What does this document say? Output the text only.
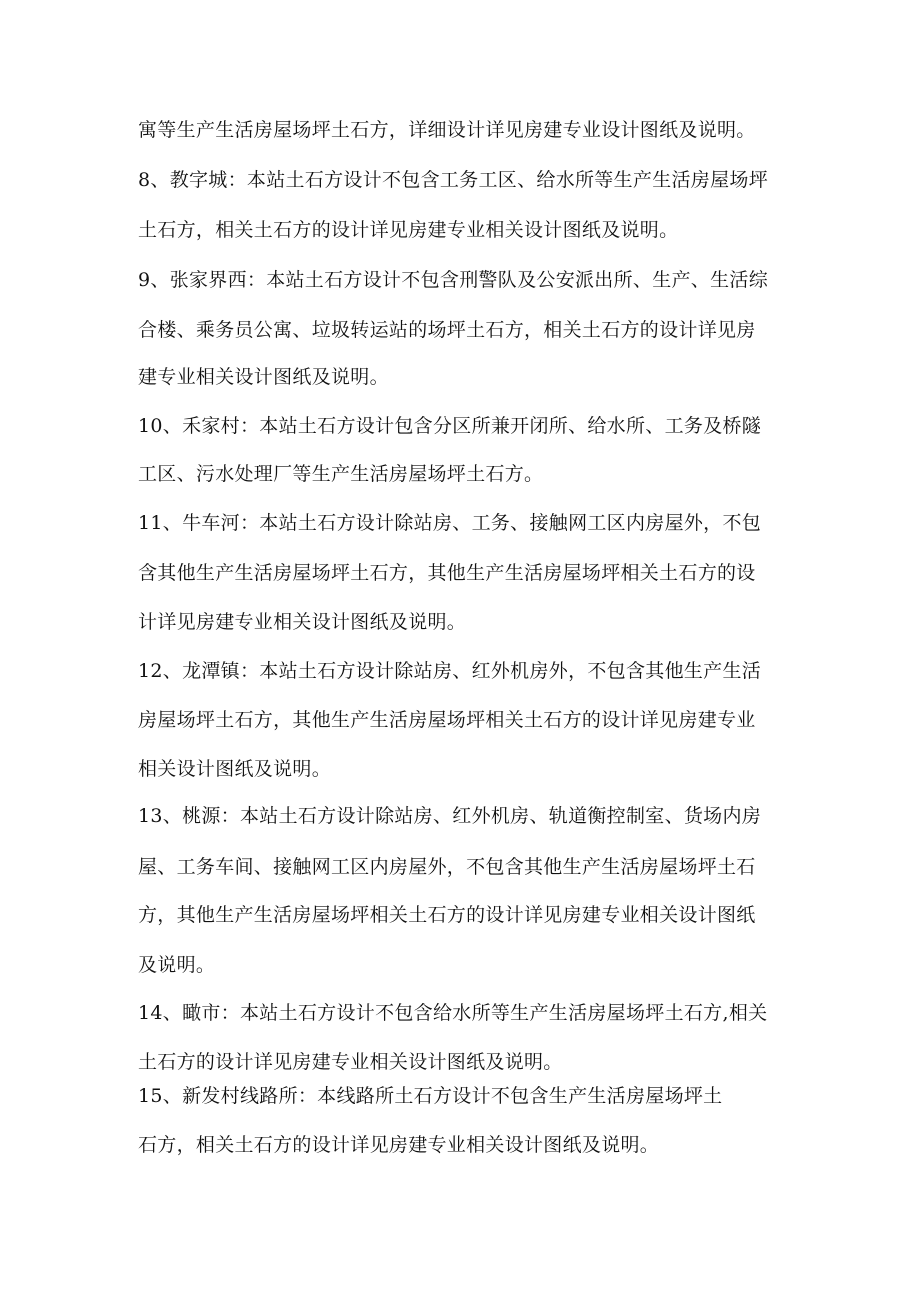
寓等生产生活房屋场坪土石方，详细设计详见房建专业设计图纸及说明。
8、教字城：本站土石方设计不包含工务工区、给水所等生产生活房屋场坪
土石方，相关土石方的设计详见房建专业相关设计图纸及说明。
9、张家界西：本站土石方设计不包含刑警队及公安派出所、生产、生活综
合楼、乘务员公寓、垃圾转运站的场坪土石方，相关土石方的设计详见房
建专业相关设计图纸及说明。
10、禾家村：本站土石方设计包含分区所兼开闭所、给水所、工务及桥隧
工区、污水处理厂等生产生活房屋场坪土石方。
11、牛车河：本站土石方设计除站房、工务、接触网工区内房屋外，不包
含其他生产生活房屋场坪土石方，其他生产生活房屋场坪相关土石方的设
计详见房建专业相关设计图纸及说明。
12、龙潭镇：本站土石方设计除站房、红外机房外，不包含其他生产生活
房屋场坪土石方，其他生产生活房屋场坪相关土石方的设计详见房建专业
相关设计图纸及说明。
13、桃源：本站土石方设计除站房、红外机房、轨道衡控制室、货场内房
屋、工务车间、接触网工区内房屋外，不包含其他生产生活房屋场坪土石
方，其他生产生活房屋场坪相关土石方的设计详见房建专业相关设计图纸
及说明。
14、瞰市：本站土石方设计不包含给水所等生产生活房屋场坪土石方,相关
土石方的设计详见房建专业相关设计图纸及说明。
15、新发村线路所：本线路所土石方设计不包含生产生活房屋场坪土
石方，相关土石方的设计详见房建专业相关设计图纸及说明。
